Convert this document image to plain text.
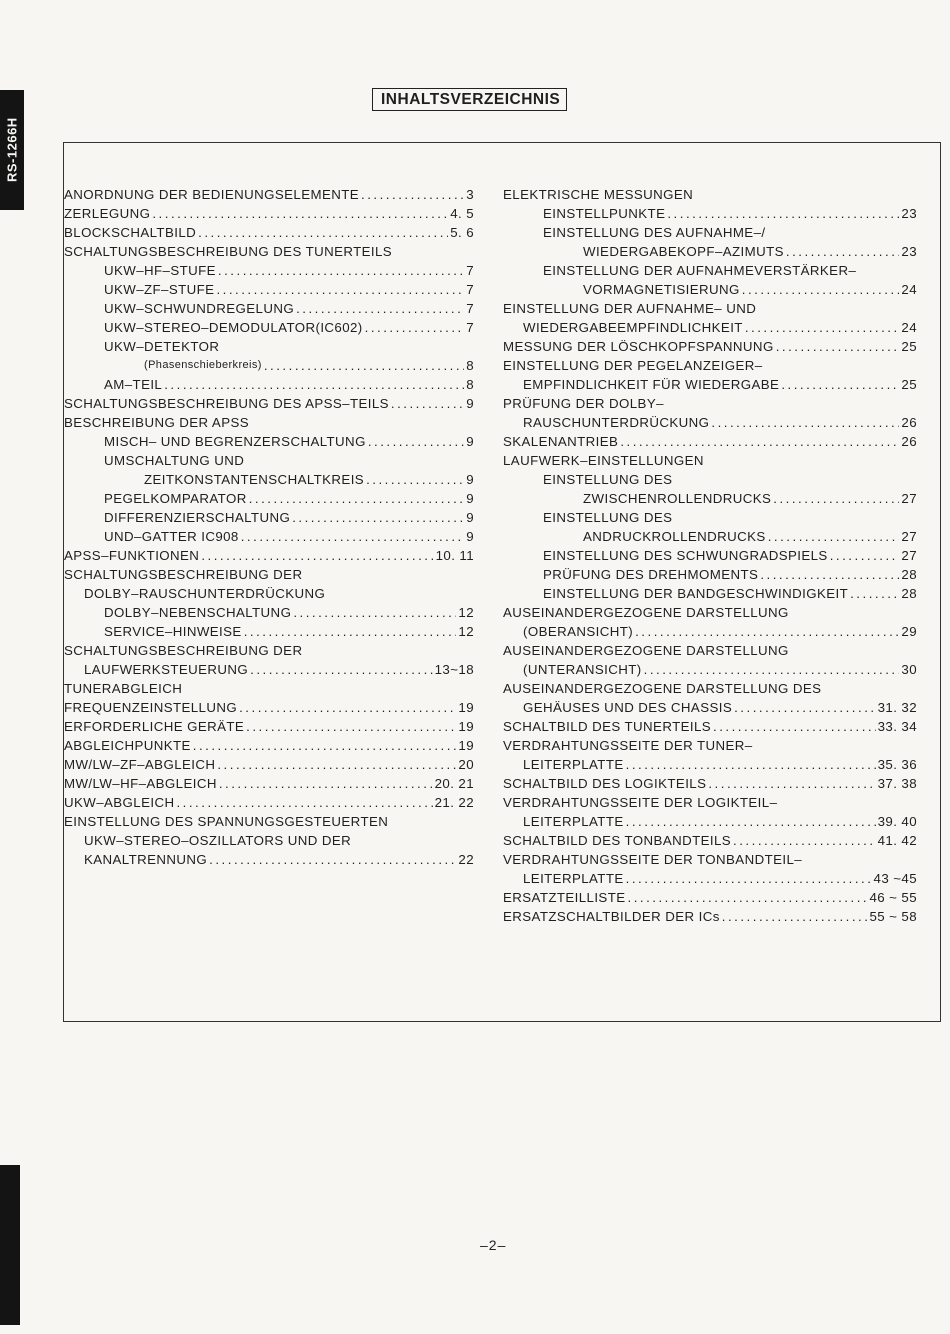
RS-1266H
INHALTSVERZEICHNIS
ANORDNUNG DER BEDIENUNGSELEMENTE .....	3
ZERLEGUNG .....	4. 5
BLOCKSCHALTBILD .....	5. 6
SCHALTUNGSBESCHREIBUNG DES TUNERTEILS
UKW–HF–STUFE .....	7
UKW–ZF–STUFE .....	7
UKW–SCHWUNDREGELUNG .....	7
UKW–STEREO–DEMODULATOR(IC602) .....	7
UKW–DETEKTOR
(Phasenschieberkreis) .....	8
AM–TEIL .....	8
SCHALTUNGSBESCHREIBUNG DES APSS–TEILS .....	9
BESCHREIBUNG DER APSS
MISCH– UND BEGRENZERSCHALTUNG .....	9
UMSCHALTUNG UND
ZEITKONSTANTENSCHALTKREIS .....	9
PEGELKOMPARATOR .....	9
DIFFERENZIERSCHALTUNG .....	9
UND–GATTER IC908 .....	9
APSS–FUNKTIONEN .....	10. 11
SCHALTUNGSBESCHREIBUNG DER
DOLBY–RAUSCHUNTERDRÜCKUNG
DOLBY–NEBENSCHALTUNG .....	12
SERVICE–HINWEISE .....	12
SCHALTUNGSBESCHREIBUNG DER
LAUFWERKSTEUERUNG .....	13~18
TUNERABGLEICH
FREQUENZEINSTELLUNG .....	19
ERFORDERLICHE GERÄTE .....	19
ABGLEICHPUNKTE .....	19
MW/LW–ZF–ABGLEICH .....	20
MW/LW–HF–ABGLEICH .....	20. 21
UKW–ABGLEICH .....	21. 22
EINSTELLUNG DES SPANNUNGSGESTEUERTEN
UKW–STEREO–OSZILLATORS UND DER
KANALTRENNUNG .....	22
ELEKTRISCHE MESSUNGEN
EINSTELLPUNKTE .....	23
EINSTELLUNG DES AUFNAHME–/
WIEDERGABEKOPF–AZIMUTS .....	23
EINSTELLUNG DER AUFNAHMEVERSTÄRKER–
VORMAGNETISIERUNG .....	24
EINSTELLUNG DER AUFNAHME– UND
WIEDERGABEEMPFINDLICHKEIT .....	24
MESSUNG DER LÖSCHKOPFSPANNUNG .....	25
EINSTELLUNG DER PEGELANZEIGER–
EMPFINDLICHKEIT FÜR WIEDERGABE .....	25
PRÜFUNG DER DOLBY–
RAUSCHUNTERDRÜCKUNG .....	26
SKALENANTRIEB .....	26
LAUFWERK–EINSTELLUNGEN
EINSTELLUNG DES
ZWISCHENROLLENDRUCKS .....	27
EINSTELLUNG DES
ANDRUCKROLLENDRUCKS .....	27
EINSTELLUNG DES SCHWUNGRADSPIELS .....	27
PRÜFUNG DES DREHMOMENTS .....	28
EINSTELLUNG DER BANDGESCHWINDIGKEIT .....	28
AUSEINANDERGEZOGENE DARSTELLUNG
(OBERANSICHT) .....	29
AUSEINANDERGEZOGENE DARSTELLUNG
(UNTERANSICHT) .....	30
AUSEINANDERGEZOGENE DARSTELLUNG DES
GEHÄUSES UND DES CHASSIS .....	31. 32
SCHALTBILD DES TUNERTEILS .....	33. 34
VERDRAHTUNGSSEITE DER TUNER–
LEITERPLATTE .....	35. 36
SCHALTBILD DES LOGIKTEILS .....	37. 38
VERDRAHTUNGSSEITE DER LOGIKTEIL–
LEITERPLATTE .....	39. 40
SCHALTBILD DES TONBANDTEILS .....	41. 42
VERDRAHTUNGSSEITE DER TONBANDTEIL–
LEITERPLATTE .....	43 ~45
ERSATZTEILLISTE .....	46 ~ 55
ERSATZSCHALTBILDER DER ICs .....	55 ~ 58
–2–
